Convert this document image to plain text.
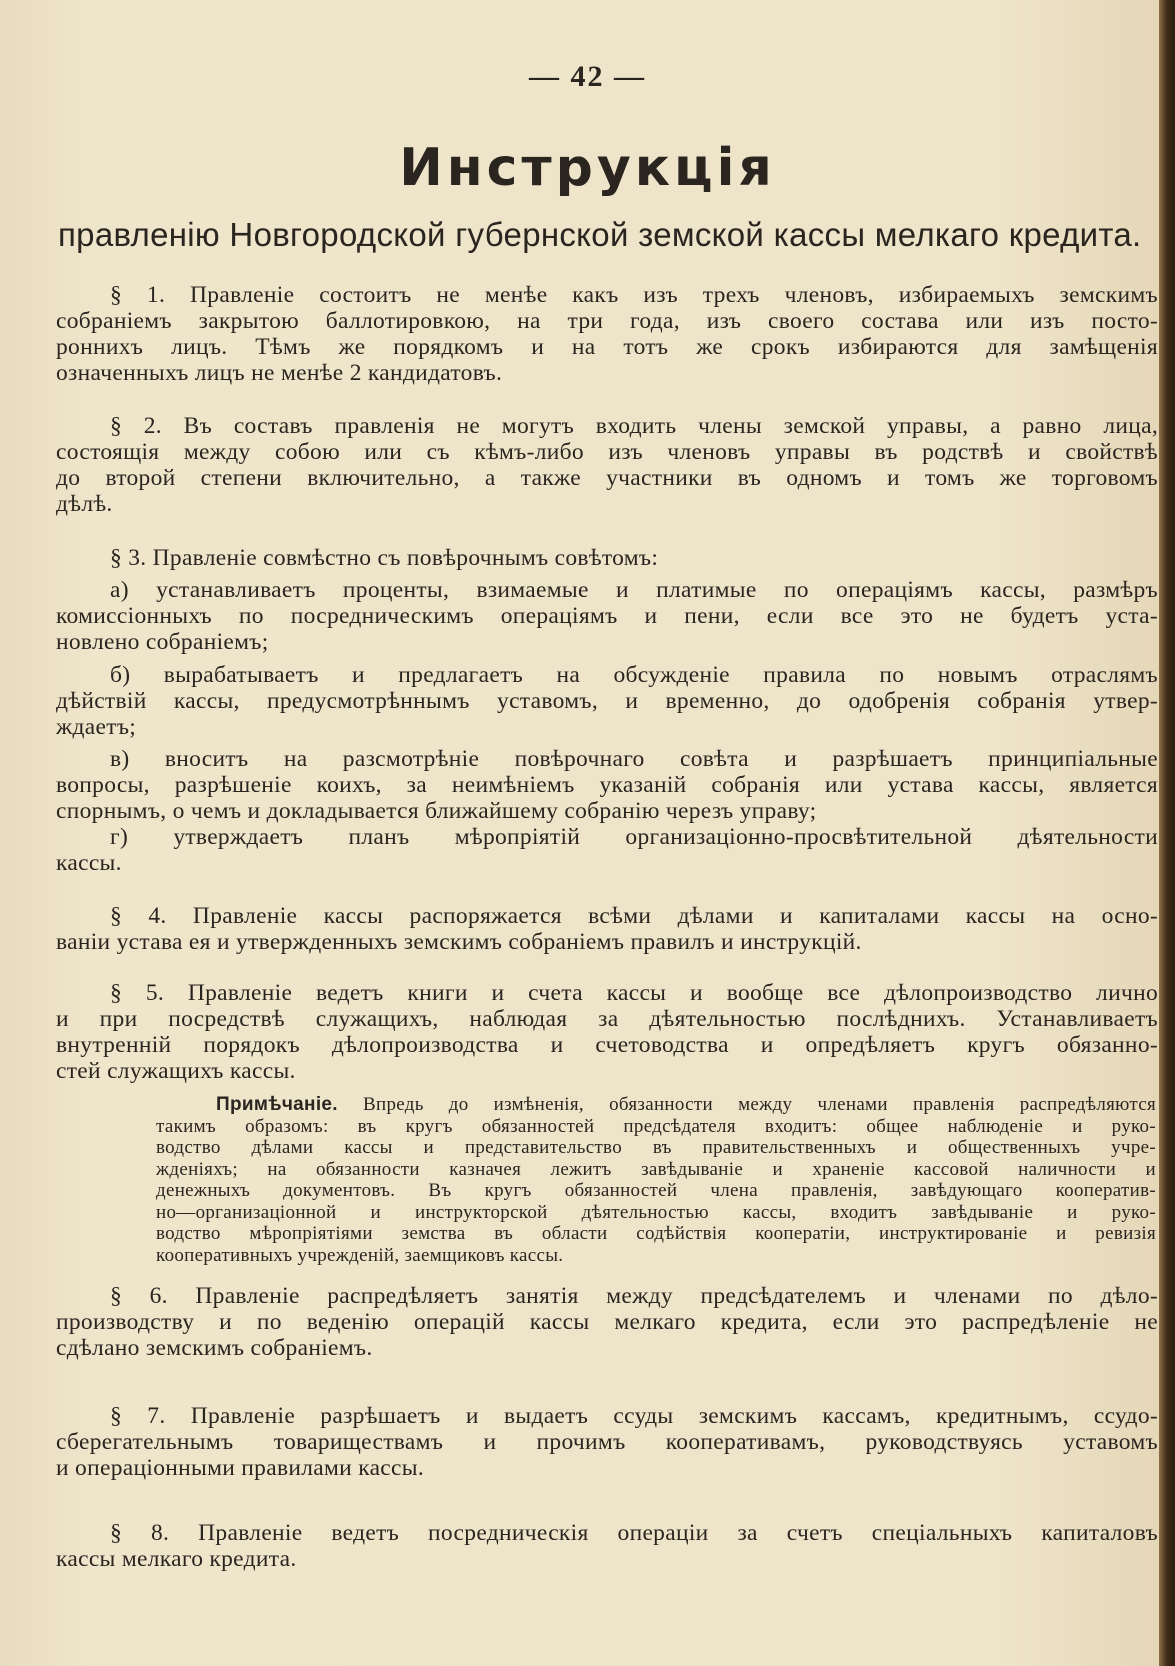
— 42 —
Инструкція
правленію Новгородской губернской земской кассы мелкаго кредита.
§ 1. Правленіе состоитъ не менѣе какъ изъ трехъ членовъ, избираемыхъ земскимъ
собраніемъ закрытою баллотировкою, на три года, изъ своего состава или изъ посто-
ронниxъ лицъ. Тѣмъ же порядкомъ и на тотъ же срокъ избираются для замѣщенія
означенныхъ лицъ не менѣе 2 кандидатовъ.
§ 2. Въ составъ правленія не могутъ входить члены земской управы, а равно лица,
состоящія между собою или съ кѣмъ-либо изъ членовъ управы въ родствѣ и свойствѣ
до второй степени включительно, а также участники въ одномъ и томъ же торговомъ
дѣлѣ.
§ 3. Правленіе совмѣстно съ повѣрочнымъ совѣтомъ:
а) устанавливаетъ проценты, взимаемые и платимые по операціямъ кассы, размѣръ
комиссіонныхъ по посредническимъ операціямъ и пени, если все это не будетъ уста-
новлено собраніемъ;
б) вырабатываетъ и предлагаетъ на обсужденіе правила по новымъ отраслямъ
дѣйствій кассы, предусмотрѣннымъ уставомъ, и временно, до одобренія собранія утвер-
ждаетъ;
в) вноситъ на разсмотрѣніе повѣрочнаго совѣта и разрѣшаетъ принципіальные
вопросы, разрѣшеніе коихъ, за неимѣніемъ указаній собранія или устава кассы, является
спорнымъ, о чемъ и докладывается ближайшему собранію черезъ управу;
г) утверждаетъ планъ мѣропріятій организаціонно-просвѣтительной дѣятельности
кассы.
§ 4. Правленіе кассы распоряжается всѣми дѣлами и капиталами кассы на осно-
ваніи устава ея и утвержденныхъ земскимъ собраніемъ правилъ и инструкцій.
§ 5. Правленіе ведетъ книги и счета кассы и вообще все дѣлопроизводство лично
и при посредствѣ служащихъ, наблюдая за дѣятельностью послѣднихъ. Устанавливаетъ
внутренній порядокъ дѣлопроизводства и счетоводства и опредѣляетъ кругъ обязанно-
стей служащихъ кассы.
Примѣчаніе. Впредь до измѣненія, обязанности между членами правленія распредѣляются
такимъ образомъ: въ кругъ обязанностей предсѣдателя входитъ: общее наблюденіе и руко-
водство дѣлами кассы и представительство въ правительственныхъ и общественныхъ учре-
жденіяхъ; на обязанности казначея лежитъ завѣдываніе и храненіе кассовой наличности и
денежныхъ документовъ. Въ кругъ обязанностей члена правленія, завѣдующаго кооператив-
но—организаціонной и инструкторской дѣятельностью кассы, входитъ завѣдываніе и руко-
водство мѣропріятіями земства въ области содѣйствія кооператіи, инструктированіе и ревизія
кооперативныхъ учрежденій, заемщиковъ кассы.
§ 6. Правленіе распредѣляетъ занятія между предсѣдателемъ и членами по дѣло-
производству и по веденію операцій кассы мелкаго кредита, если это распредѣленіе не
сдѣлано земскимъ собраніемъ.
§ 7. Правленіе разрѣшаетъ и выдаетъ ссуды земскимъ кассамъ, кредитнымъ, ссудо-
сберегательнымъ товариществамъ и прочимъ кооперативамъ, руководствуясь уставомъ
и операціонными правилами кассы.
§ 8. Правленіе ведетъ посредническія операціи за счетъ спеціальныхъ капиталовъ
кассы мелкаго кредита.
